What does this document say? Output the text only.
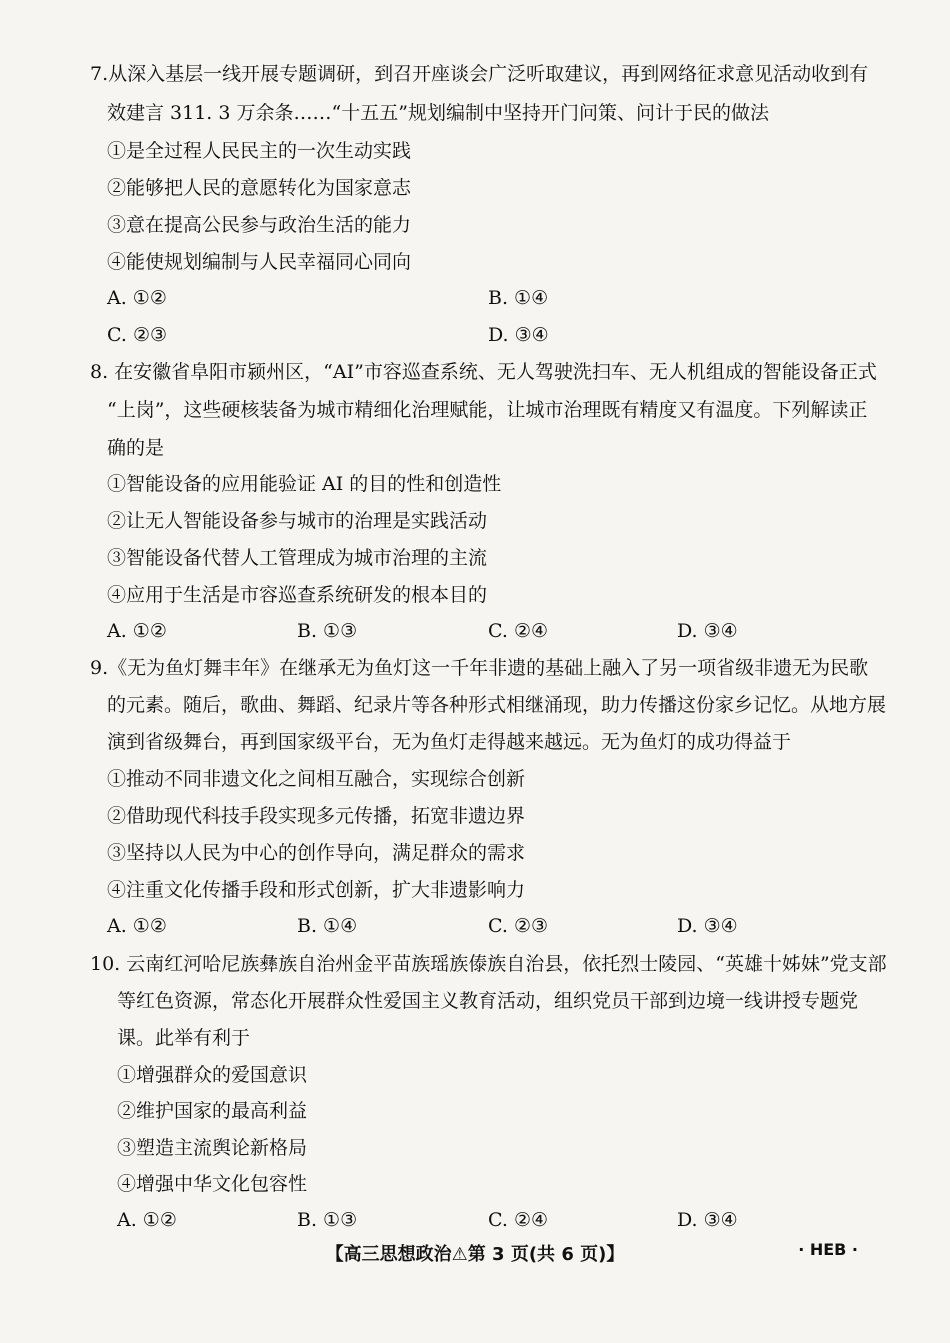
7.从深入基层一线开展专题调研，到召开座谈会广泛听取建议，再到网络征求意见活动收到有
效建言 311. 3 万余条……“十五五”规划编制中坚持开门问策、问计于民的做法
①是全过程人民民主的一次生动实践
②能够把人民的意愿转化为国家意志
③意在提高公民参与政治生活的能力
④能使规划编制与人民幸福同心同向
A. ①②	B. ①④
C. ②③	D. ③④
8. 在安徽省阜阳市颍州区，“AI”市容巡查系统、无人驾驶洗扫车、无人机组成的智能设备正式
“上岗”，这些硬核装备为城市精细化治理赋能，让城市治理既有精度又有温度。下列解读正
确的是
①智能设备的应用能验证 AI 的目的性和创造性
②让无人智能设备参与城市的治理是实践活动
③智能设备代替人工管理成为城市治理的主流
④应用于生活是市容巡查系统研发的根本目的
A. ①②	B. ①③	C. ②④	D. ③④
9.《无为鱼灯舞丰年》在继承无为鱼灯这一千年非遗的基础上融入了另一项省级非遗无为民歌
的元素。随后，歌曲、舞蹈、纪录片等各种形式相继涌现，助力传播这份家乡记忆。从地方展
演到省级舞台，再到国家级平台，无为鱼灯走得越来越远。无为鱼灯的成功得益于
①推动不同非遗文化之间相互融合，实现综合创新
②借助现代科技手段实现多元传播，拓宽非遗边界
③坚持以人民为中心的创作导向，满足群众的需求
④注重文化传播手段和形式创新，扩大非遗影响力
A. ①②	B. ①④	C. ②③	D. ③④
10. 云南红河哈尼族彝族自治州金平苗族瑶族傣族自治县，依托烈士陵园、“英雄十姊妹”党支部
等红色资源，常态化开展群众性爱国主义教育活动，组织党员干部到边境一线讲授专题党
课。此举有利于
①增强群众的爱国意识
②维护国家的最高利益
③塑造主流舆论新格局
④增强中华文化包容性
A. ①②	B. ①③	C. ②④	D. ③④
【高三思想政治⚠第 3 页(共 6 页)】	· HEB ·
